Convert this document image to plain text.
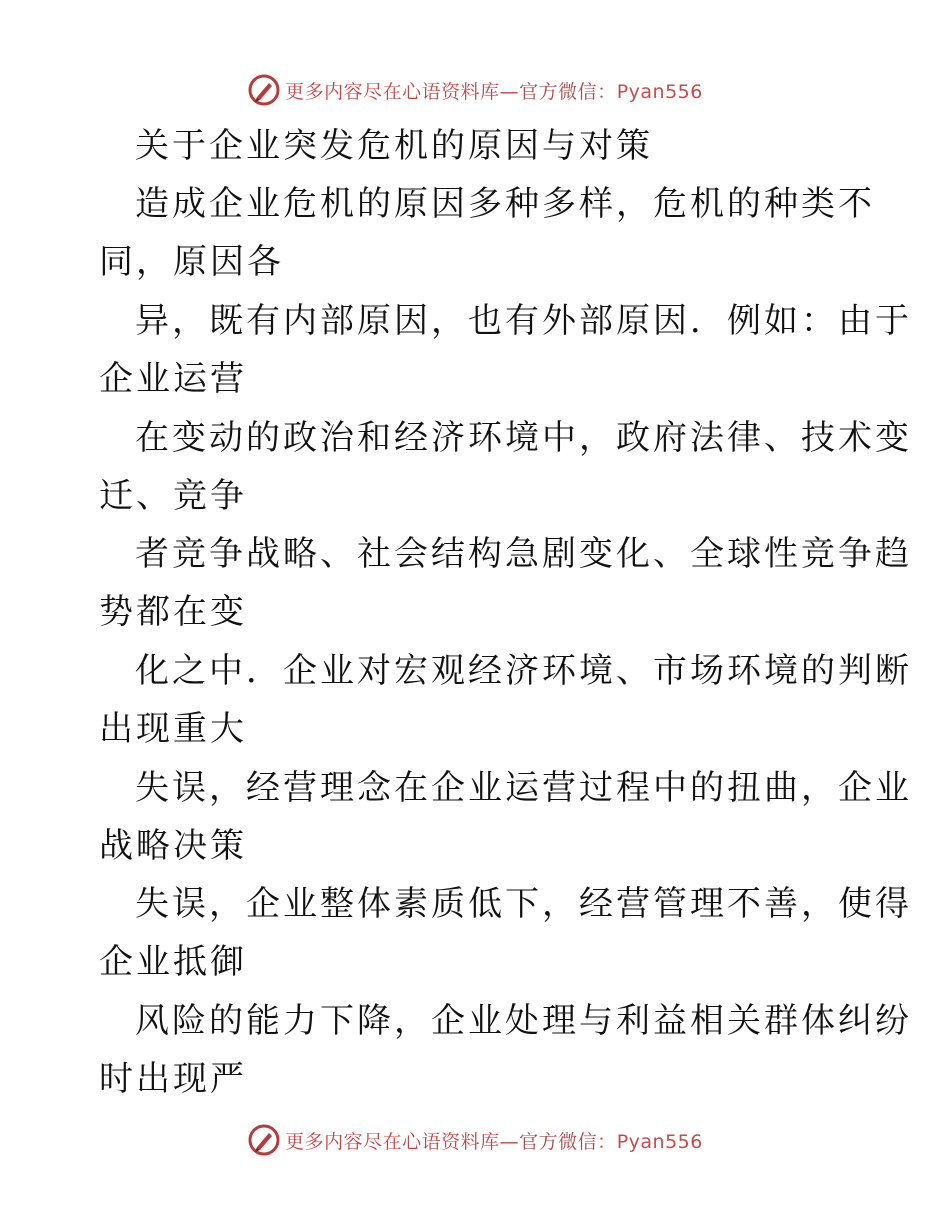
更多内容尽在心语资料库—官方微信：Pyan556
关于企业突发危机的原因与对策
造成企业危机的原因多种多样，危机的种类不
同，原因各
异，既有内部原因，也有外部原因．例如：由于
企业运营
在变动的政治和经济环境中，政府法律、技术变
迁、竞争
者竞争战略、社会结构急剧变化、全球性竞争趋
势都在变
化之中．企业对宏观经济环境、市场环境的判断
出现重大
失误，经营理念在企业运营过程中的扭曲，企业
战略决策
失误，企业整体素质低下，经营管理不善，使得
企业抵御
风险的能力下降，企业处理与利益相关群体纠纷
时出现严
更多内容尽在心语资料库—官方微信：Pyan556
